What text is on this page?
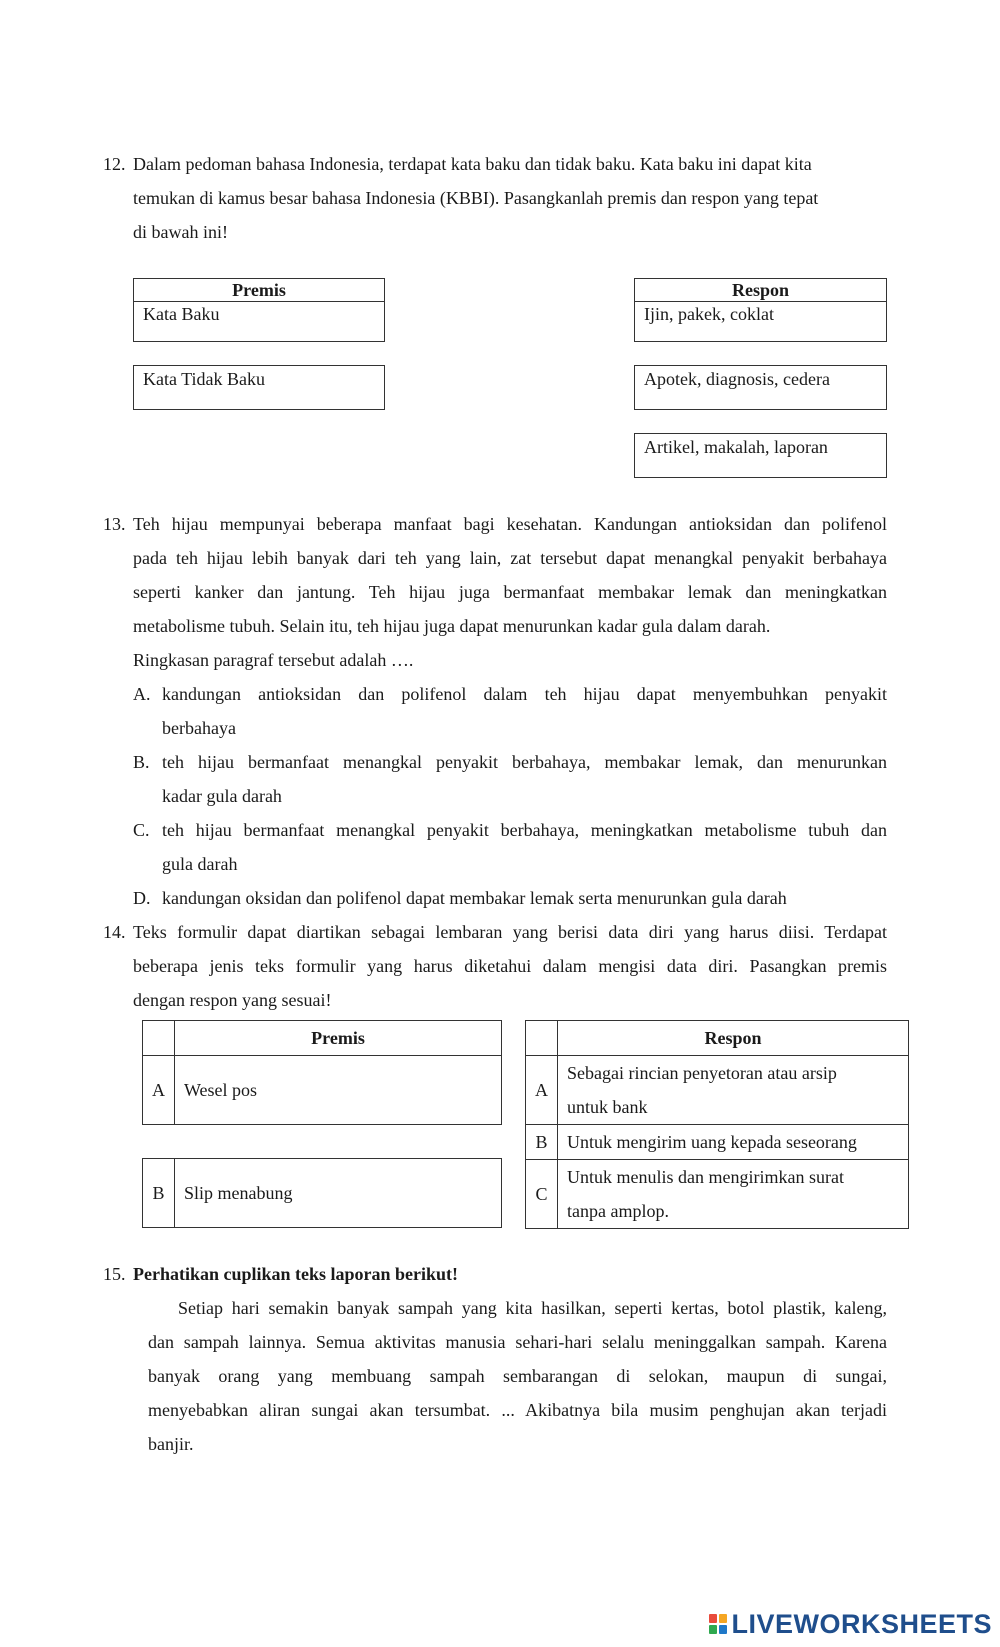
12. Dalam pedoman bahasa Indonesia, terdapat kata baku dan tidak baku. Kata baku ini dapat kita
temukan di kamus besar bahasa Indonesia (KBBI). Pasangkanlah premis dan respon yang tepat
di bawah ini!
Premis
Kata Baku
Kata Tidak Baku
Respon
Ijin, pakek, coklat
Apotek, diagnosis, cedera
Artikel, makalah, laporan
13. Teh hijau mempunyai beberapa manfaat bagi kesehatan. Kandungan antioksidan dan polifenol
pada teh hijau lebih banyak dari teh yang lain, zat tersebut dapat menangkal penyakit berbahaya
seperti kanker dan jantung. Teh hijau juga bermanfaat membakar lemak dan meningkatkan
metabolisme tubuh. Selain itu, teh hijau juga dapat menurunkan kadar gula dalam darah.
Ringkasan paragraf tersebut adalah ….
A. kandungan antioksidan dan polifenol dalam teh hijau dapat menyembuhkan penyakit
berbahaya
B. teh hijau bermanfaat menangkal penyakit berbahaya, membakar lemak, dan menurunkan
kadar gula darah
C. teh hijau bermanfaat menangkal penyakit berbahaya, meningkatkan metabolisme tubuh dan
gula darah
D. kandungan oksidan dan polifenol dapat membakar lemak serta menurunkan gula darah
14. Teks formulir dapat diartikan sebagai lembaran yang berisi data diri yang harus diisi. Terdapat
beberapa jenis teks formulir yang harus diketahui dalam mengisi data diri. Pasangkan premis
dengan respon yang sesuai!
	Premis
A	Wesel pos
B	Slip menabung
	Respon
A	Sebagai rincian penyetoran atau arsip
untuk bank

B	Untuk mengirim uang kepada seseorang
C	Untuk menulis dan mengirimkan surat
tanpa amplop.
15. Perhatikan cuplikan teks laporan berikut!
Setiap hari semakin banyak sampah yang kita hasilkan, seperti kertas, botol plastik, kaleng,
dan sampah lainnya. Semua aktivitas manusia sehari-hari selalu meninggalkan sampah. Karena
banyak orang yang membuang sampah sembarangan di selokan, maupun di sungai,
menyebabkan aliran sungai akan tersumbat. ... Akibatnya bila musim penghujan akan terjadi
banjir.
LIVEWORKSHEETS
